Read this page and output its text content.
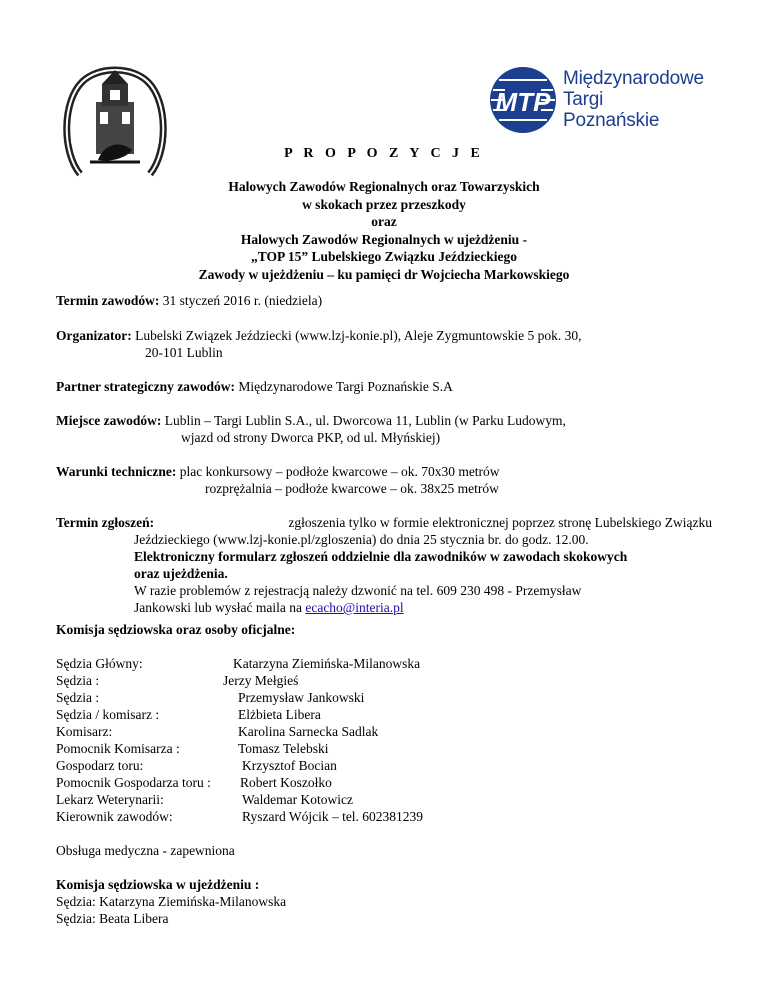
MTP
Międzynarodowe
Targi
Poznańskie
P R O P O Z Y C J E
Halowych Zawodów Regionalnych oraz Towarzyskich
w skokach przez przeszkody
oraz
Halowych Zawodów Regionalnych w ujeżdżeniu -
„TOP 15” Lubelskiego Związku Jeździeckiego
Zawody w ujeżdżeniu – ku pamięci dr Wojciecha Markowskiego
Termin zawodów: 31 styczeń 2016 r. (niedziela)
Organizator: Lubelski Związek Jeździecki (www.lzj-konie.pl), Aleje Zygmuntowskie 5 pok. 30,
20-101 Lublin
Partner strategiczny zawodów: Międzynarodowe Targi Poznańskie S.A
Miejsce zawodów: Lublin – Targi Lublin S.A., ul. Dworcowa 11, Lublin (w Parku Ludowym,
wjazd od strony Dworca PKP, od ul. Młyńskiej)
Warunki techniczne: plac konkursowy – podłoże kwarcowe – ok. 70x30 metrów
rozprężalnia – podłoże kwarcowe – ok. 38x25 metrów
Termin zgłoszeń:	zgłoszenia tylko w formie elektronicznej poprzez stronę Lubelskiego Związku
Jeździeckiego (www.lzj-konie.pl/zgloszenia) do dnia 25 stycznia br. do godz. 12.00.
Elektroniczny formularz zgłoszeń oddzielnie dla zawodników w zawodach skokowych
oraz ujeżdżenia.
W razie problemów z rejestracją należy dzwonić na tel. 609 230 498 - Przemysław
Jankowski lub wysłać maila na ecacho@interia.pl
Komisja sędziowska oraz osoby oficjalne:
Sędzia Główny:	Katarzyna Ziemińska-Milanowska
Sędzia :	Jerzy Mełgieś
Sędzia :	Przemysław Jankowski
Sędzia / komisarz :	Elżbieta Libera
Komisarz:	Karolina Sarnecka Sadlak
Pomocnik Komisarza :	Tomasz Telebski
Gospodarz toru:	Krzysztof Bocian
Pomocnik Gospodarza toru : Robert Koszołko
Lekarz Weterynarii:	Waldemar Kotowicz
Kierownik zawodów:	Ryszard Wójcik – tel. 602381239
Obsługa medyczna - zapewniona
Komisja sędziowska w ujeżdżeniu :
Sędzia: Katarzyna Ziemińska-Milanowska
Sędzia: Beata Libera
